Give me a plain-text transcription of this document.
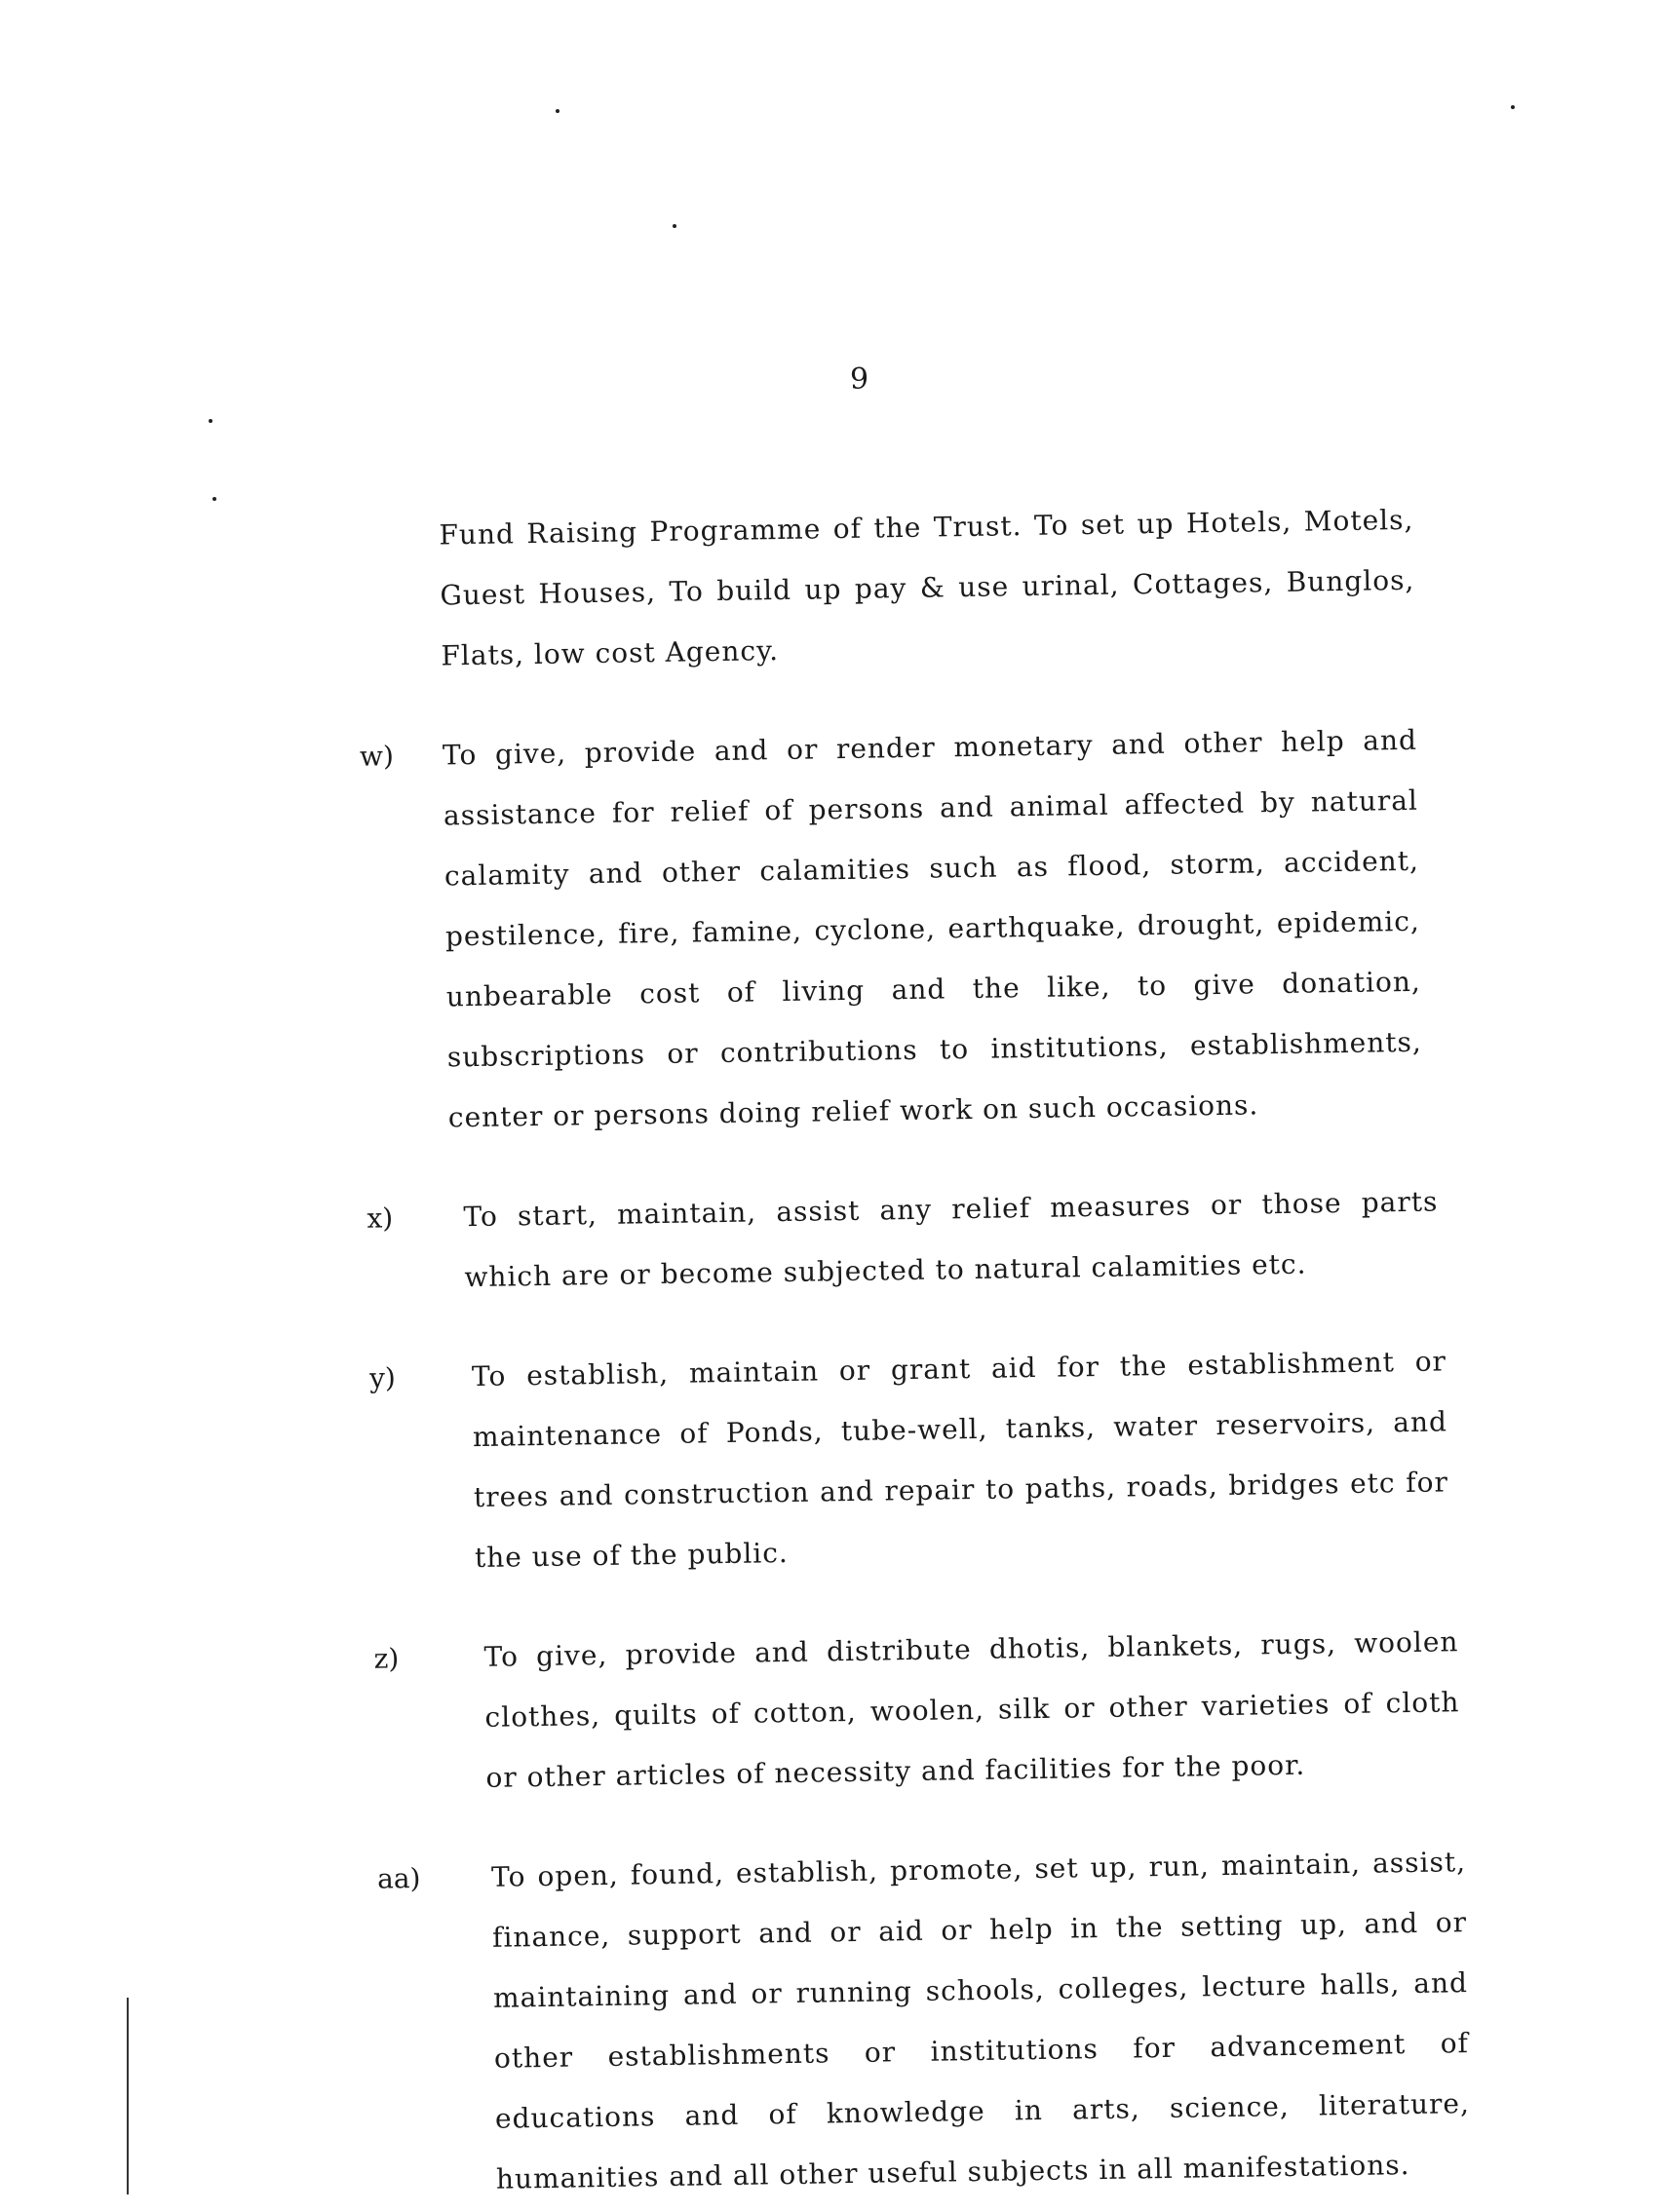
9
Fund Raising Programme of the Trust. To set up Hotels, Motels, Guest Houses, To build up pay & use urinal, Cottages, Bunglos, Flats, low cost Agency.
w) To give, provide and or render monetary and other help and assistance for relief of persons and animal affected by natural calamity and other calamities such as flood, storm, accident, pestilence, fire, famine, cyclone, earthquake, drought, epidemic, unbearable cost of living and the like, to give donation, subscriptions or contributions to institutions, establishments, center or persons doing relief work on such occasions.
x)	To start, maintain, assist any relief measures or those parts which are or become subjected to natural calamities etc.
y)	To establish, maintain or grant aid for the establishment or maintenance of Ponds, tube-well, tanks, water reservoirs, and trees and construction and repair to paths, roads, bridges etc for the use of the public.
z)	To give, provide and distribute dhotis, blankets, rugs, woolen clothes, quilts of cotton, woolen, silk or other varieties of cloth or other articles of necessity and facilities for the poor.
aa)	To open, found, establish, promote, set up, run, maintain, assist, finance, support and or aid or help in the setting up, and or maintaining and or running schools, colleges, lecture halls, and other establishments or institutions for advancement of educations and of knowledge in arts, science, literature, humanities and all other useful subjects in all manifestations.
